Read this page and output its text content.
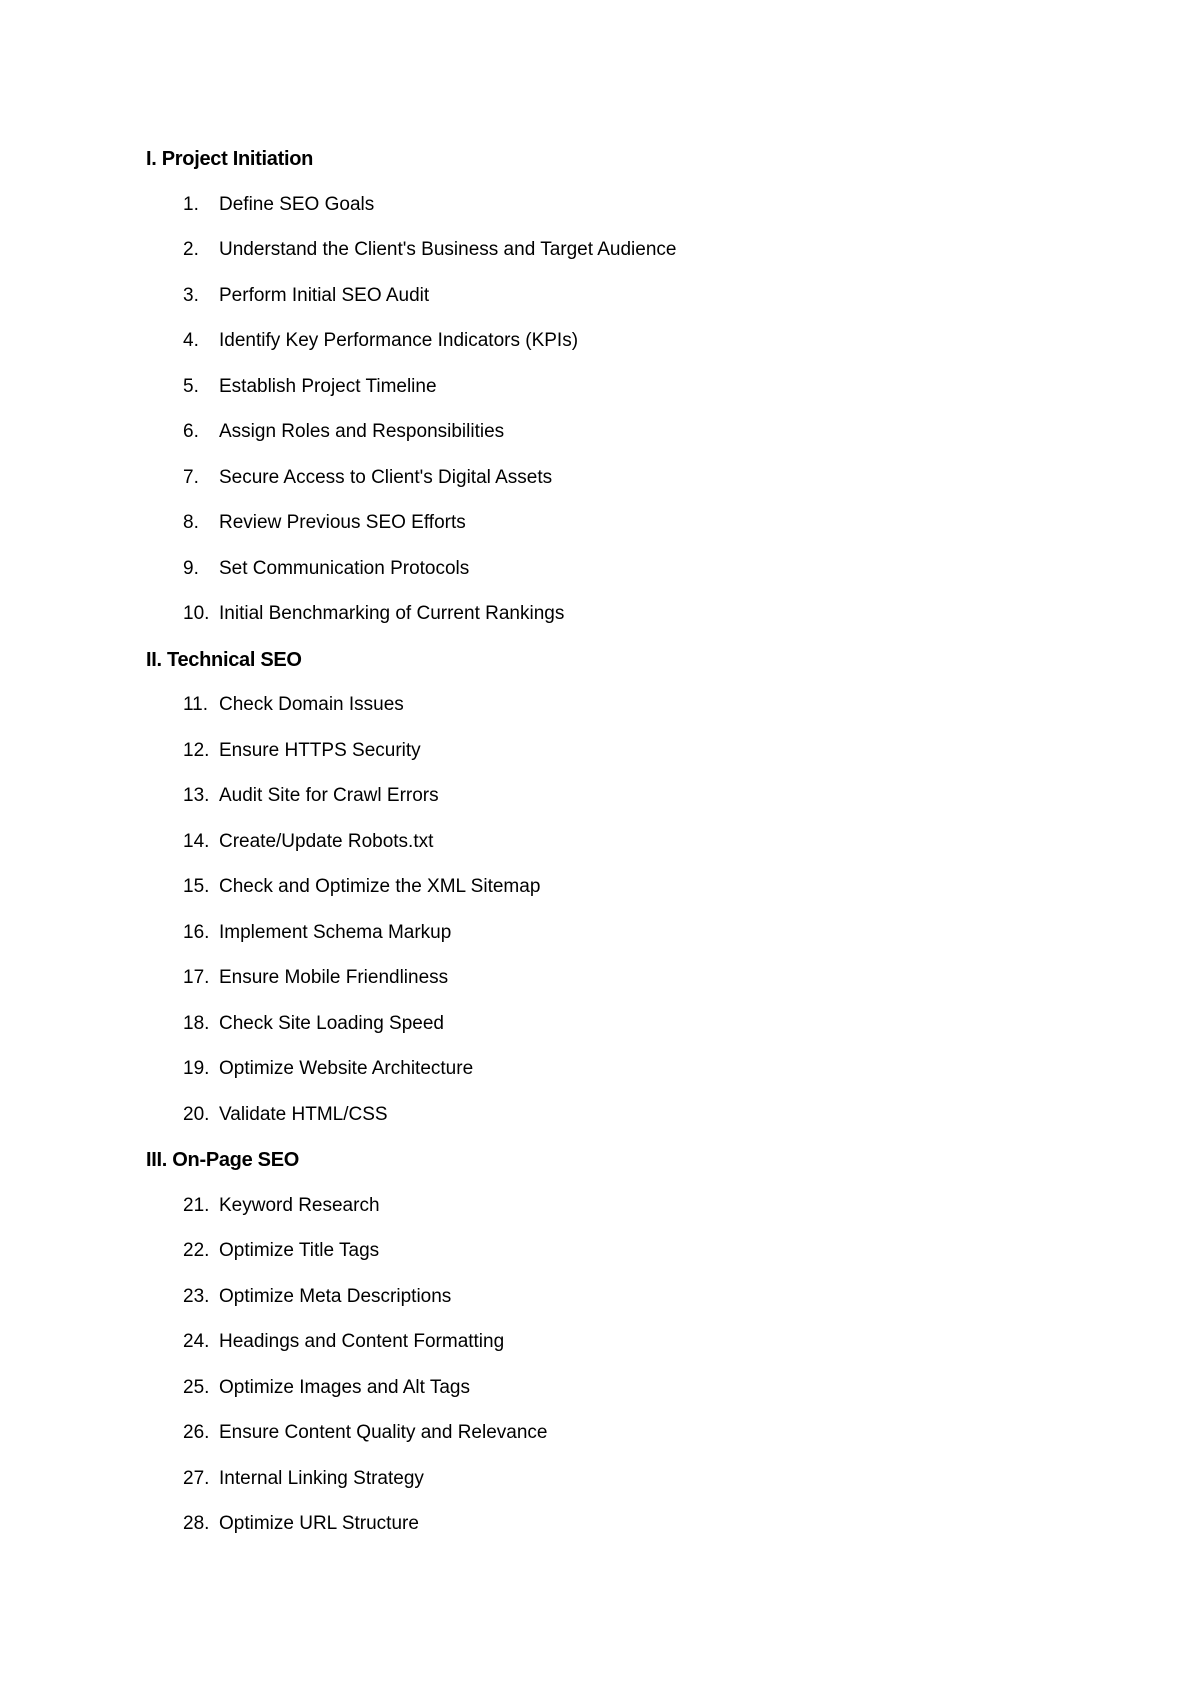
I. Project Initiation
1.	Define SEO Goals
2.	Understand the Client's Business and Target Audience
3.	Perform Initial SEO Audit
4.	Identify Key Performance Indicators (KPIs)
5.	Establish Project Timeline
6.	Assign Roles and Responsibilities
7.	Secure Access to Client's Digital Assets
8.	Review Previous SEO Efforts
9.	Set Communication Protocols
10. Initial Benchmarking of Current Rankings
II. Technical SEO
11. Check Domain Issues
12. Ensure HTTPS Security
13. Audit Site for Crawl Errors
14. Create/Update Robots.txt
15. Check and Optimize the XML Sitemap
16. Implement Schema Markup
17. Ensure Mobile Friendliness
18. Check Site Loading Speed
19. Optimize Website Architecture
20. Validate HTML/CSS
III. On-Page SEO
21. Keyword Research
22. Optimize Title Tags
23. Optimize Meta Descriptions
24. Headings and Content Formatting
25. Optimize Images and Alt Tags
26. Ensure Content Quality and Relevance
27. Internal Linking Strategy
28. Optimize URL Structure
